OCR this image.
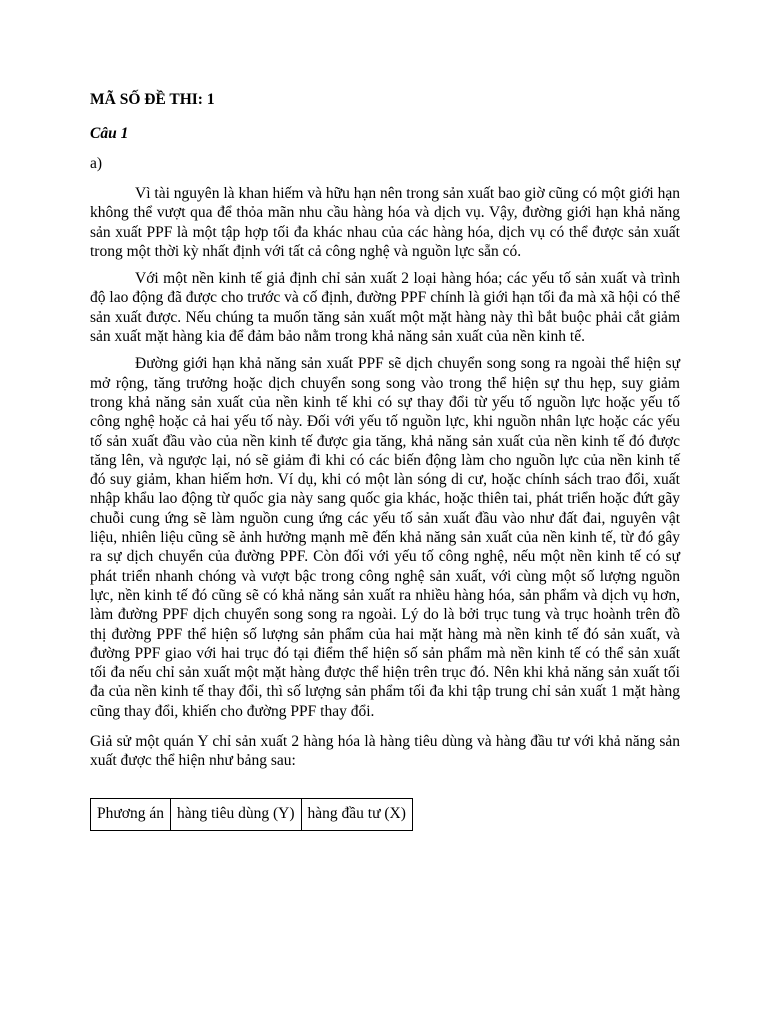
MÃ SỐ ĐỀ THI: 1

Câu 1

a)

Vì tài nguyên là khan hiếm và hữu hạn nên trong sản xuất bao giờ cũng có một giới hạn không thể vượt qua để thỏa mãn nhu cầu hàng hóa và dịch vụ. Vậy, đường giới hạn khả năng sản xuất PPF là một tập hợp tối đa khác nhau của các hàng hóa, dịch vụ có thể được sản xuất trong một thời kỳ nhất định với tất cả công nghệ và nguồn lực sẵn có.

Với một nền kinh tế giả định chỉ sản xuất 2 loại hàng hóa; các yếu tố sản xuất và trình độ lao động đã được cho trước và cố định, đường PPF chính là giới hạn tối đa mà xã hội có thể sản xuất được. Nếu chúng ta muốn tăng sản xuất một mặt hàng này thì bắt buộc phải cắt giảm sản xuất mặt hàng kia để đảm bảo nằm trong khả năng sản xuất của nền kinh tế.

Đường giới hạn khả năng sản xuất PPF sẽ dịch chuyển song song ra ngoài thể hiện sự mở rộng, tăng trưởng hoặc dịch chuyển song song vào trong thể hiện sự thu hẹp, suy giảm trong khả năng sản xuất của nền kinh tế khi có sự thay đổi từ yếu tố nguồn lực hoặc yếu tố công nghệ hoặc cả hai yếu tố này. Đối với yếu tố nguồn lực, khi nguồn nhân lực hoặc các yếu tố sản xuất đầu vào của nền kinh tế được gia tăng, khả năng sản xuất của nền kinh tế đó được tăng lên, và ngược lại, nó sẽ giảm đi khi có các biến động làm cho nguồn lực của nền kinh tế đó suy giảm, khan hiếm hơn. Ví dụ, khi có một làn sóng di cư, hoặc chính sách trao đổi, xuất nhập khẩu lao động từ quốc gia này sang quốc gia khác, hoặc thiên tai, phát triển hoặc đứt gãy chuỗi cung ứng sẽ làm nguồn cung ứng các yếu tố sản xuất đầu vào như đất đai, nguyên vật liệu, nhiên liệu cũng sẽ ảnh hưởng mạnh mẽ đến khả năng sản xuất của nền kinh tế, từ đó gây ra sự dịch chuyển của đường PPF. Còn đối với yếu tố công nghệ, nếu một nền kinh tế có sự phát triển nhanh chóng và vượt bậc trong công nghệ sản xuất, với cùng một số lượng nguồn lực, nền kinh tế đó cũng sẽ có khả năng sản xuất ra nhiều hàng hóa, sản phẩm và dịch vụ hơn, làm đường PPF dịch chuyển song song ra ngoài. Lý do là bởi trục tung và trục hoành trên đồ thị đường PPF thể hiện số lượng sản phẩm của hai mặt hàng mà nền kinh tế đó sản xuất, và đường PPF giao với hai trục đó tại điểm thể hiện số sản phẩm mà nền kinh tế có thể sản xuất tối đa nếu chỉ sản xuất một mặt hàng được thể hiện trên trục đó. Nên khi khả năng sản xuất tối đa của nền kinh tế thay đổi, thì số lượng sản phẩm tối đa khi tập trung chỉ sản xuất 1 mặt hàng cũng thay đổi, khiến cho đường PPF thay đổi.

Giả sử một quán Y chỉ sản xuất 2 hàng hóa là hàng tiêu dùng và hàng đầu tư với khả năng sản xuất được thể hiện như bảng sau:

Phương án	hàng tiêu dùng (Y)	hàng đầu tư (X)
